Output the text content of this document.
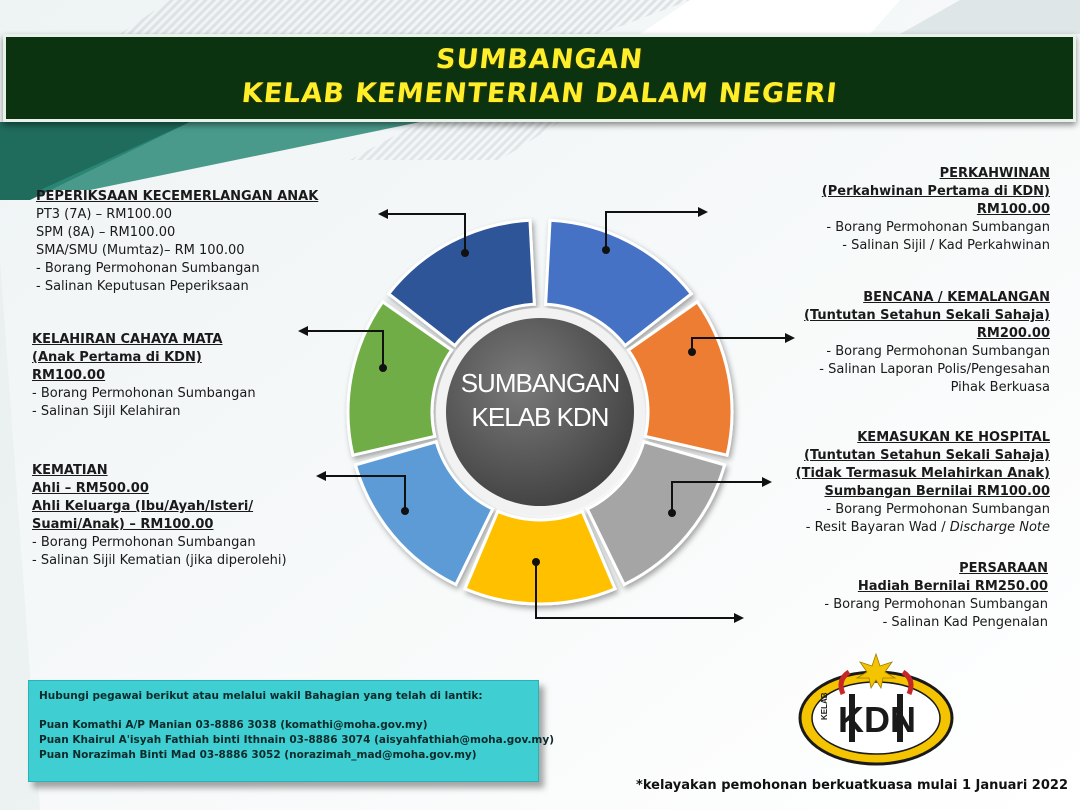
SUMBANGAN
KELAB KEMENTERIAN DALAM NEGERI
SUMBANGAN
KELAB KDN
PEPERIKSAAN KECEMERLANGAN ANAK
PT3 (7A) – RM100.00
SPM (8A) – RM100.00
SMA/SMU (Mumtaz)– RM 100.00
- Borang Permohonan Sumbangan
- Salinan Keputusan Peperiksaan
KELAHIRAN CAHAYA MATA
(Anak Pertama di KDN)
RM100.00
- Borang Permohonan Sumbangan
- Salinan Sijil Kelahiran
KEMATIAN
Ahli – RM500.00
Ahli Keluarga (Ibu/Ayah/Isteri/
Suami/Anak) – RM100.00
- Borang Permohonan Sumbangan
- Salinan Sijil Kematian (jika diperolehi)
PERKAHWINAN
(Perkahwinan Pertama di KDN)
RM100.00
- Borang Permohonan Sumbangan
- Salinan Sijil / Kad Perkahwinan
BENCANA / KEMALANGAN
(Tuntutan Setahun Sekali Sahaja)
RM200.00
- Borang Permohonan Sumbangan
- Salinan Laporan Polis/Pengesahan
Pihak Berkuasa
KEMASUKAN KE HOSPITAL
(Tuntutan Setahun Sekali Sahaja)
(Tidak Termasuk Melahirkan Anak)
Sumbangan Bernilai RM100.00
- Borang Permohonan Sumbangan
- Resit Bayaran Wad / Discharge Note
PERSARAAN
Hadiah Bernilai RM250.00
- Borang Permohonan Sumbangan
- Salinan Kad Pengenalan
Hubungi pegawai berikut atau melalui wakil Bahagian yang telah di lantik:
Puan Komathi A/P Manian 03-8886 3038 (komathi@moha.gov.my)
Puan Khairul A'isyah Fathiah binti Ithnain 03-8886 3074 (aisyahfathiah@moha.gov.my)
Puan Norazimah Binti Mad 03-8886 3052 (norazimah_mad@moha.gov.my)
KDN
KELAB
*kelayakan pemohonan berkuatkuasa mulai 1 Januari 2022
